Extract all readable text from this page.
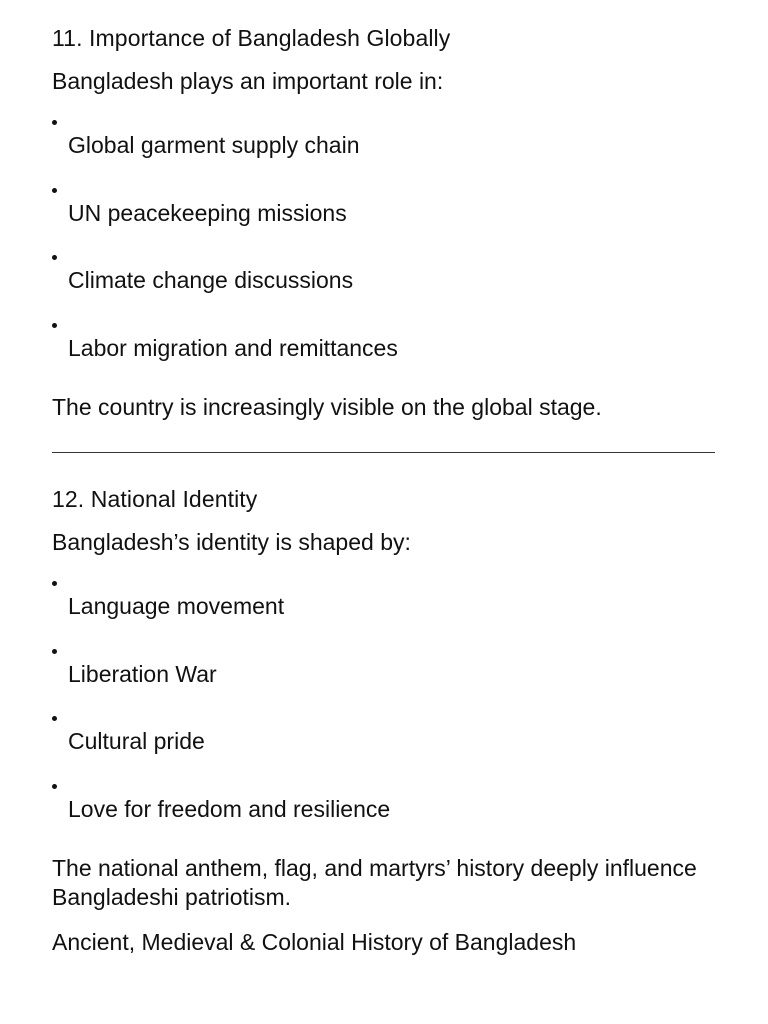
11. Importance of Bangladesh Globally

Bangladesh plays an important role in:

Global garment supply chain
UN peacekeeping missions
Climate change discussions
Labor migration and remittances

The country is increasingly visible on the global stage.

12. National Identity

Bangladesh’s identity is shaped by:

Language movement
Liberation War
Cultural pride
Love for freedom and resilience

The national anthem, flag, and martyrs’ history deeply influence Bangladeshi patriotism.

Ancient, Medieval & Colonial History of Bangladesh
